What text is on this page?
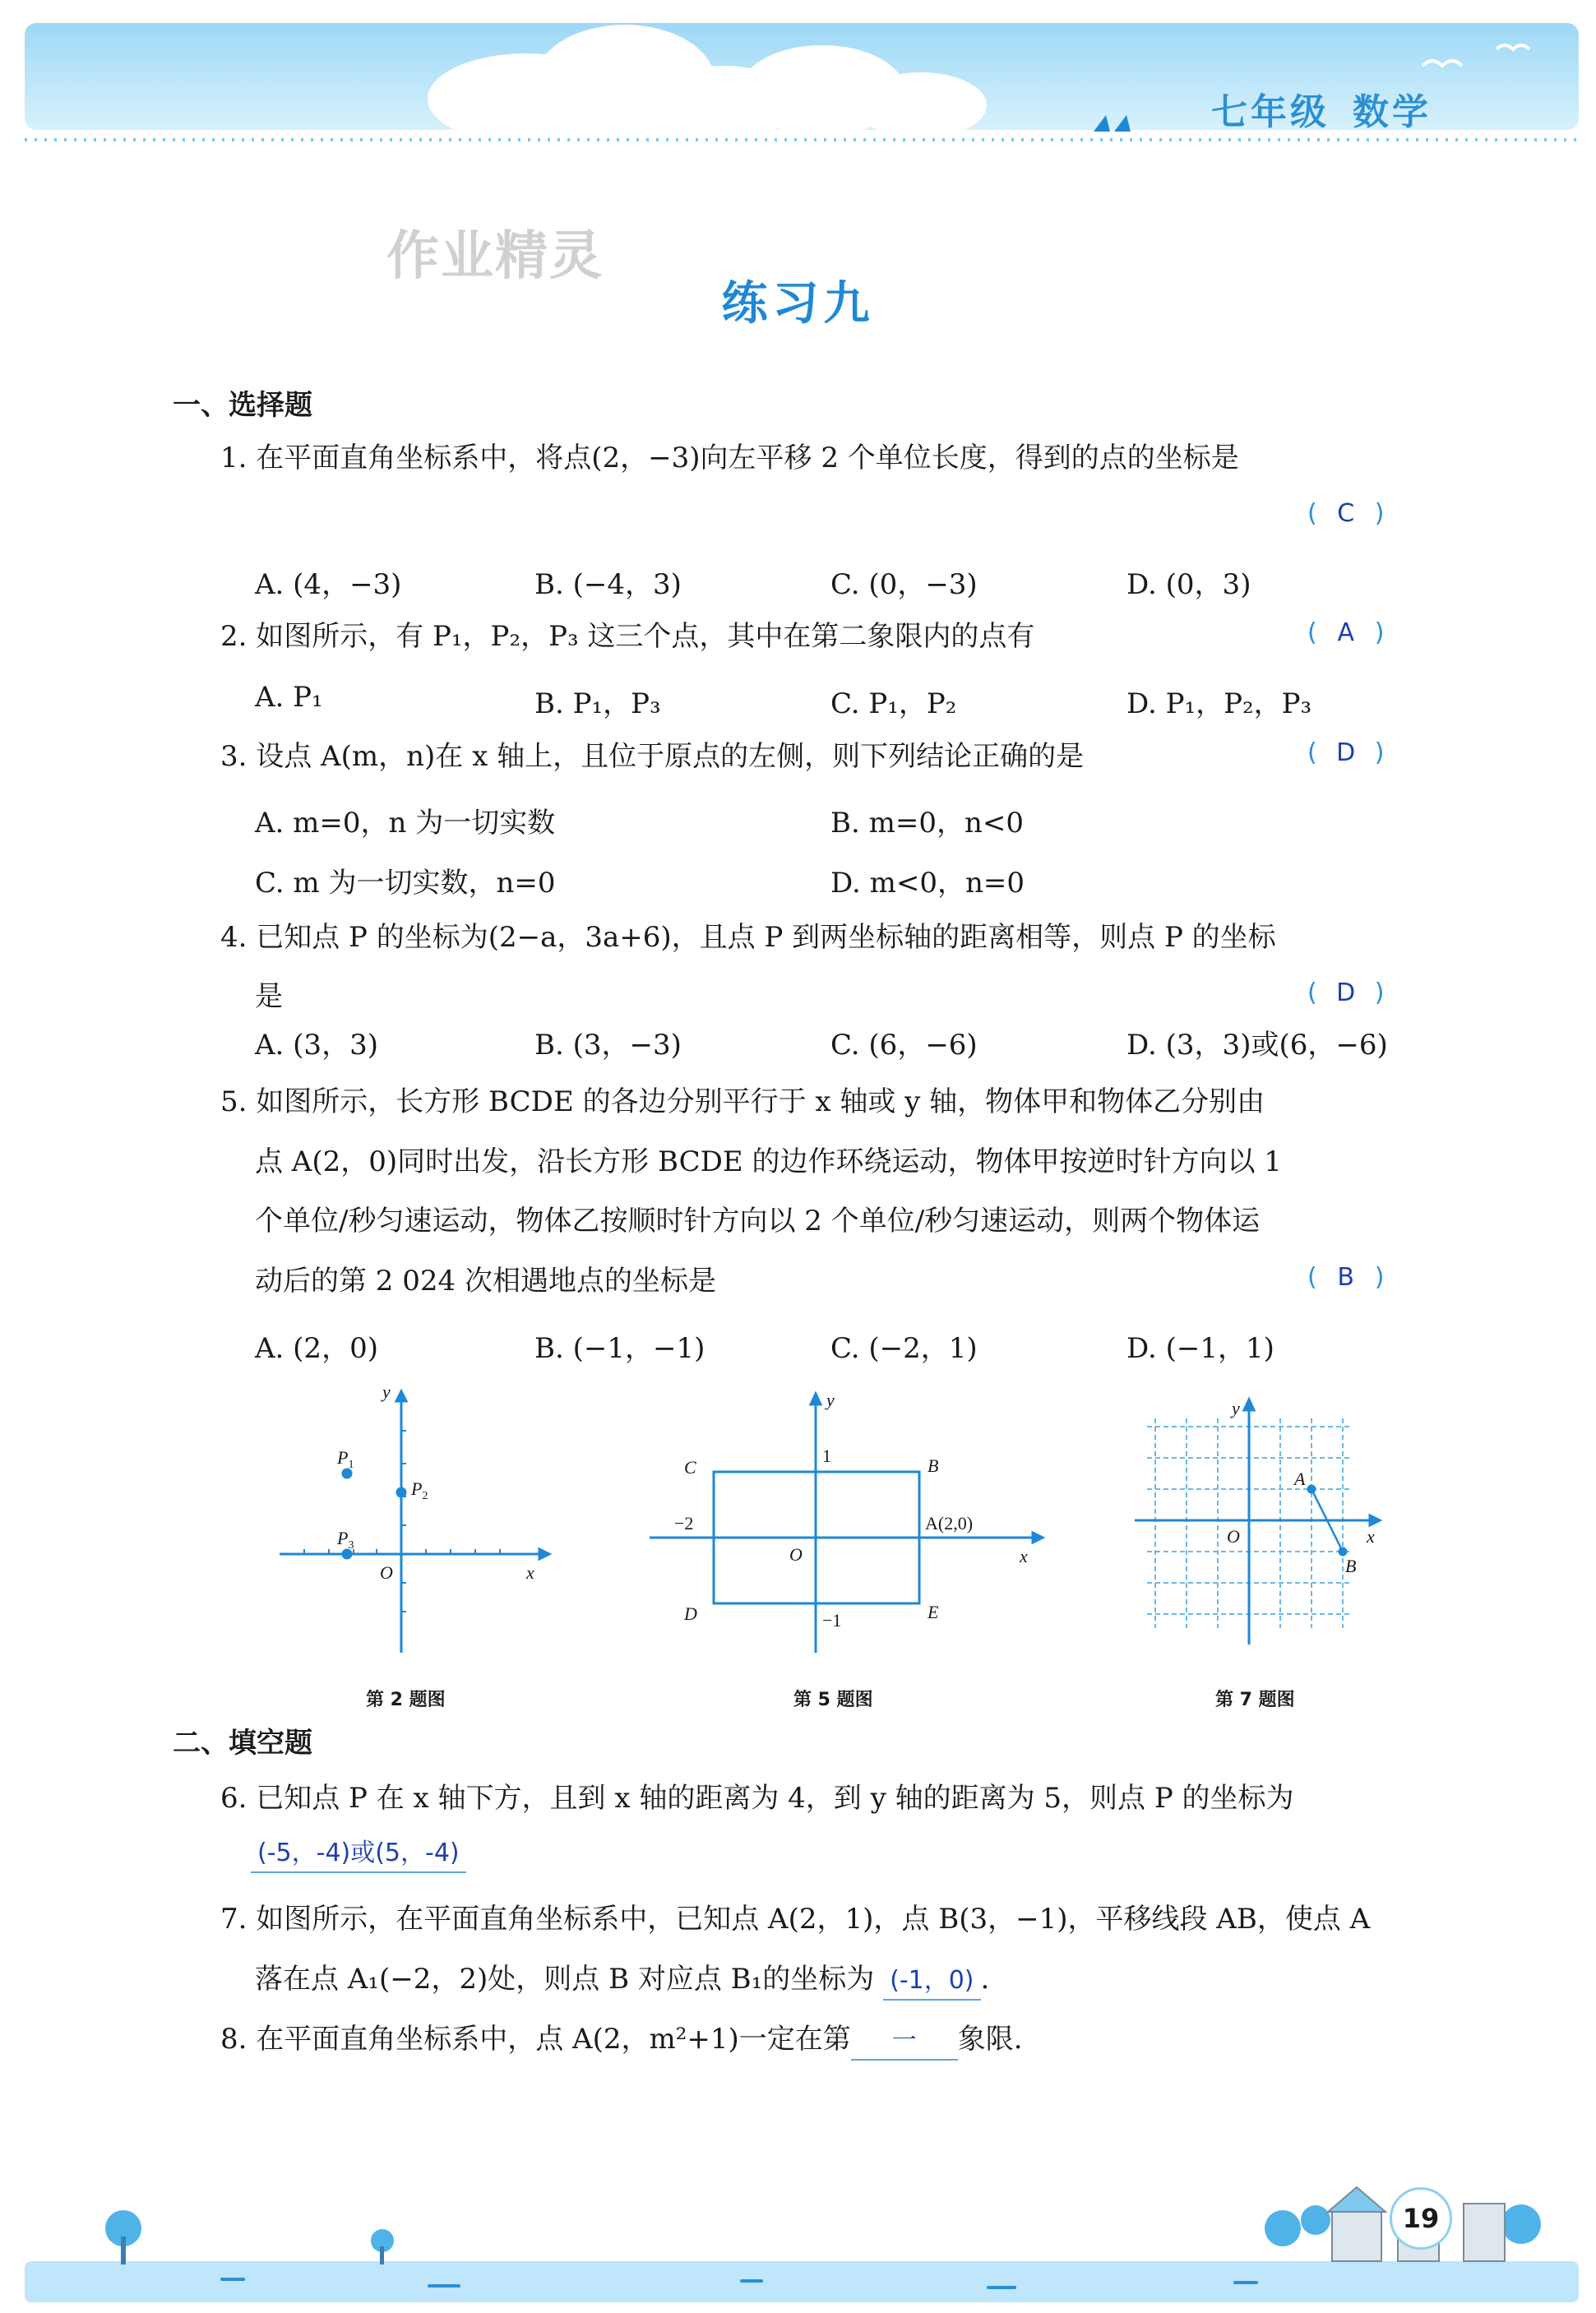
七年级 数学
作业精灵
练习九
一、选择题
1. 在平面直角坐标系中，将点(2，−3)向左平移 2 个单位长度，得到的点的坐标是
( C )
A. (4，−3)	B. (−4，3)	C. (0，−3)	D. (0，3)
2. 如图所示，有 P₁，P₂，P₃ 这三个点，其中在第二象限内的点有	( A )
A. P₁	B. P₁，P₃	C. P₁，P₂	D. P₁，P₂，P₃
3. 设点 A(m，n)在 x 轴上，且位于原点的左侧，则下列结论正确的是	( D )
A. m=0，n 为一切实数	B. m=0，n<0
C. m 为一切实数，n=0	D. m<0，n=0
4. 已知点 P 的坐标为(2−a，3a+6)，且点 P 到两坐标轴的距离相等，则点 P 的坐标
是	( D )
A. (3，3)	B. (3，−3)	C. (6，−6)	D. (3，3)或(6，−6)
5. 如图所示，长方形 BCDE 的各边分别平行于 x 轴或 y 轴，物体甲和物体乙分别由
点 A(2，0)同时出发，沿长方形 BCDE 的边作环绕运动，物体甲按逆时针方向以 1
个单位/秒匀速运动，物体乙按顺时针方向以 2 个单位/秒匀速运动，则两个物体运
动后的第 2 024 次相遇地点的坐标是	( B )
A. (2，0)	B. (−1，−1)	C. (−2，1)	D. (−1，1)
y
x
O
$P_1$
$P_2$
$P_3$
第 2 题图
y
x
O
C	B
D	E
1
−1
−2	A(2,0)
第 5 题图
y
x
O
A
B
第 7 题图
二、填空题
6. 已知点 P 在 x 轴下方，且到 x 轴的距离为 4，到 y 轴的距离为 5，则点 P 的坐标为
(-5，-4)或(5，-4)
7. 如图所示，在平面直角坐标系中，已知点 A(2，1)，点 B(3，−1)，平移线段 AB，使点 A
落在点 A₁(−2，2)处，则点 B 对应点 B₁的坐标为 (-1，0) .
8. 在平面直角坐标系中，点 A(2，m²+1)一定在第 一 象限.
19
